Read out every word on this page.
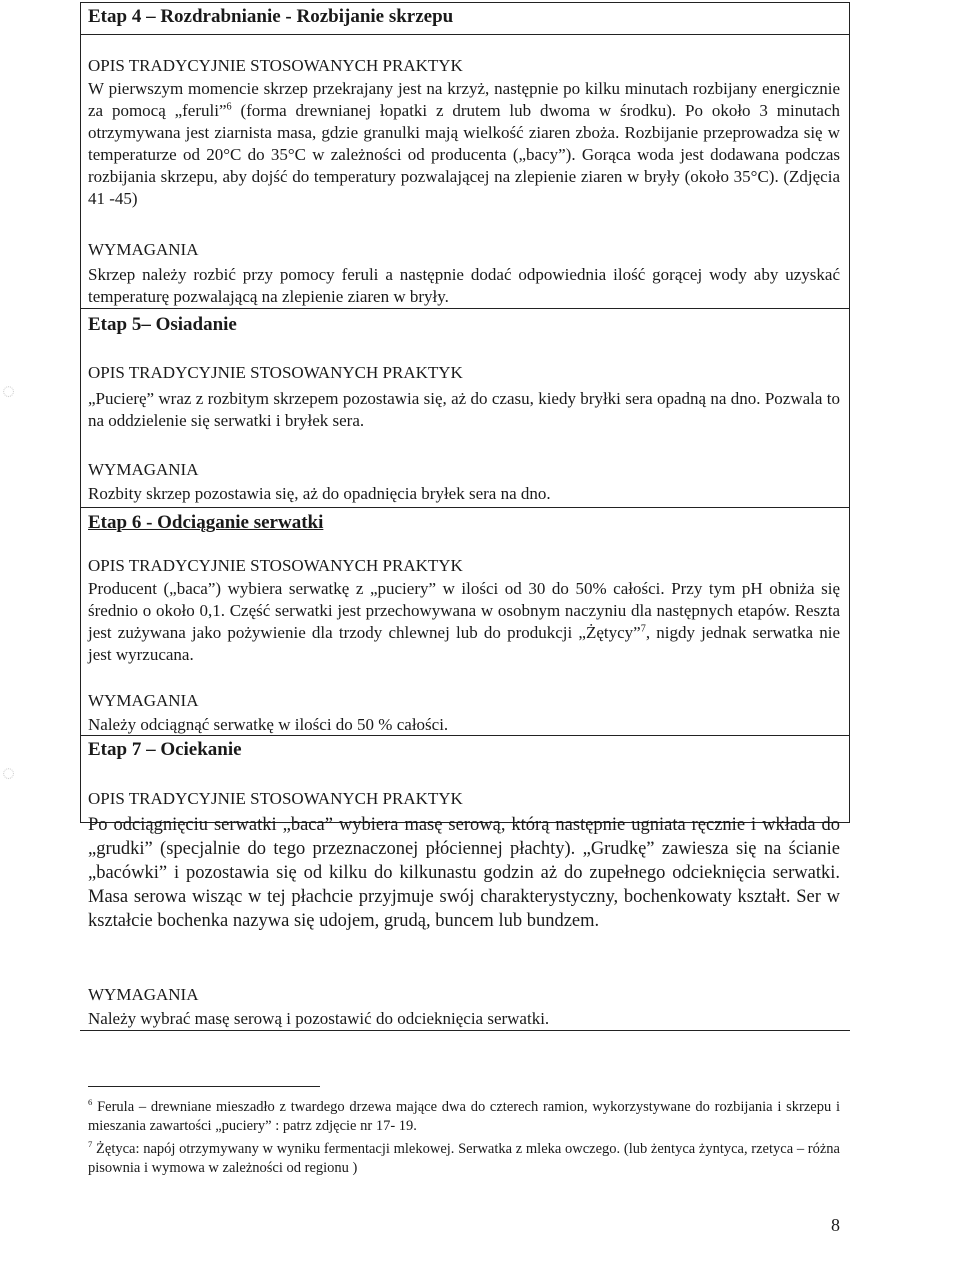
◌
◌
Etap 4 – Rozdrabnianie - Rozbijanie skrzepu
OPIS TRADYCYJNIE STOSOWANYCH PRAKTYK
W pierwszym momencie skrzep przekrajany jest na krzyż, następnie po kilku minutach rozbijany energicznie za pomocą „feruli”$^6$ (forma drewnianej łopatki z drutem lub dwoma w środku). Po około 3 minutach otrzymywana jest ziarnista masa, gdzie granulki mają wielkość ziaren zboża. Rozbijanie przeprowadza się w temperaturze od 20°C do 35°C w zależności od producenta („bacy”). Gorąca woda jest dodawana podczas rozbijania skrzepu, aby dojść do temperatury pozwalającej na zlepienie ziaren w bryły (około 35°C). (Zdjęcia 41 -45)
WYMAGANIA
Skrzep należy rozbić przy pomocy feruli a następnie dodać odpowiednia ilość gorącej wody aby uzyskać temperaturę pozwalającą na zlepienie ziaren w bryły.
Etap 5– Osiadanie
OPIS TRADYCYJNIE STOSOWANYCH PRAKTYK
„Pucierę” wraz z rozbitym skrzepem pozostawia się, aż do czasu, kiedy bryłki sera opadną na dno. Pozwala to na oddzielenie się serwatki i bryłek sera.
WYMAGANIA
Rozbity skrzep pozostawia się, aż do opadnięcia bryłek sera na dno.
Etap 6 - Odciąganie serwatki
OPIS TRADYCYJNIE STOSOWANYCH PRAKTYK
Producent („baca”) wybiera serwatkę z „puciery” w ilości od 30 do 50% całości. Przy tym pH obniża się średnio o około 0,1. Część serwatki jest przechowywana w osobnym naczyniu dla następnych etapów. Reszta jest zużywana jako pożywienie dla trzody chlewnej lub do produkcji „Żętycy”$^7$, nigdy jednak serwatka nie jest wyrzucana.
WYMAGANIA
Należy odciągnąć serwatkę w ilości do 50 % całości.
Etap 7 – Ociekanie
OPIS TRADYCYJNIE STOSOWANYCH PRAKTYK
Po odciągnięciu serwatki „baca” wybiera masę serową, którą następnie ugniata ręcznie i wkłada do „grudki” (specjalnie do tego przeznaczonej płóciennej płachty). „Grudkę” zawiesza się na ścianie „bacówki” i pozostawia się od kilku do kilkunastu godzin aż do zupełnego odcieknięcia serwatki. Masa serowa wisząc w tej płachcie przyjmuje swój charakterystyczny, bochenkowaty kształt. Ser w kształcie bochenka nazywa się udojem, grudą, buncem lub bundzem.
WYMAGANIA
Należy wybrać masę serową i pozostawić do odcieknięcia serwatki.
$^6$ Ferula – drewniane mieszadło z twardego drzewa mające dwa do czterech ramion, wykorzystywane do rozbijania i skrzepu i mieszania zawartości „puciery” : patrz zdjęcie nr 17- 19.
$^7$ Żętyca: napój otrzymywany w wyniku fermentacji mlekowej. Serwatka z mleka owczego. (lub żentyca żyntyca, rzetyca – różna pisownia i wymowa w zależności od regionu )
8
